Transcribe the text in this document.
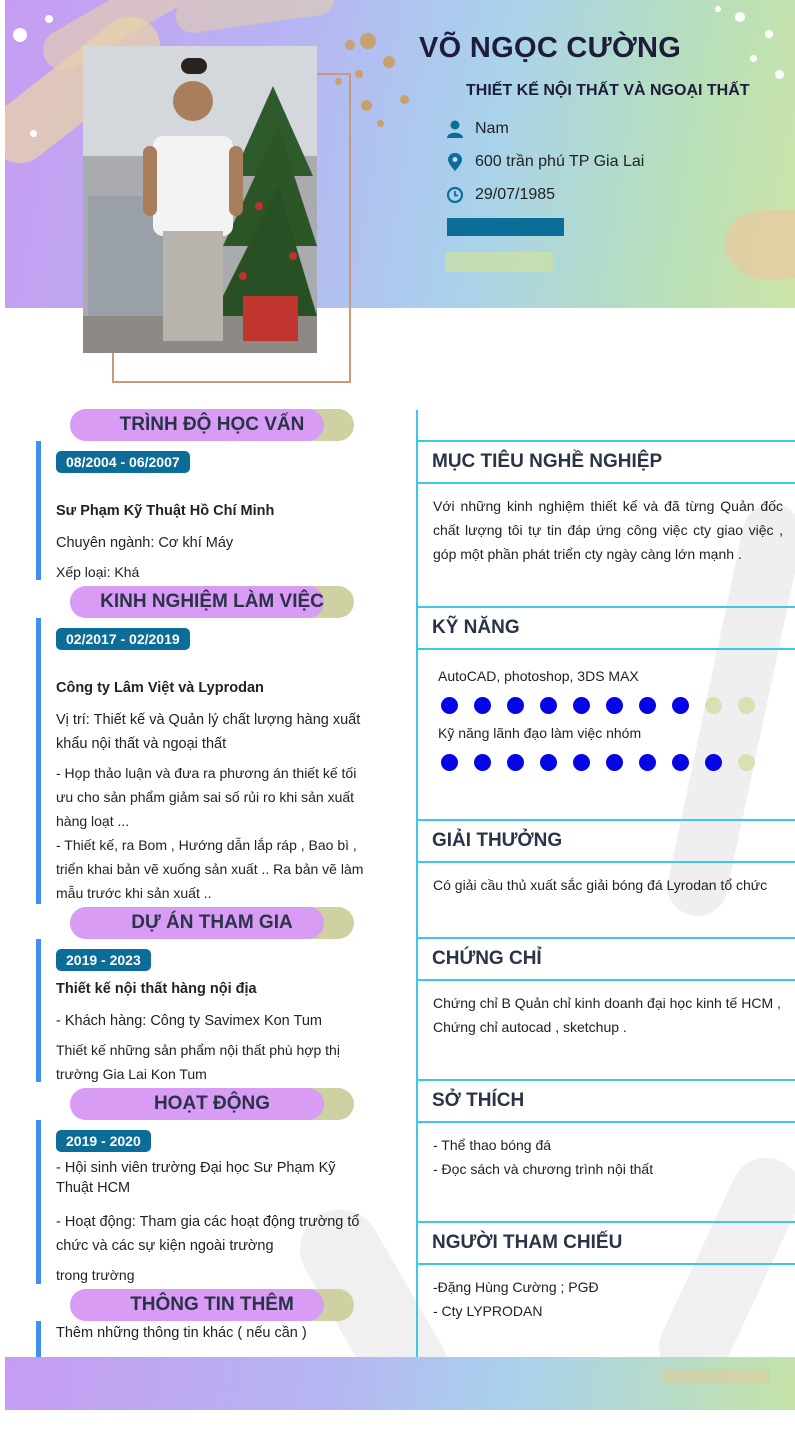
VÕ NGỌC CƯỜNG
THIẾT KẾ NỘI THẤT VÀ NGOẠI THẤT
Nam
600 trần phú TP Gia Lai
29/07/1985
TRÌNH ĐỘ HỌC VẤN
08/2004 - 06/2007
Sư Phạm Kỹ Thuật Hồ Chí Minh
Chuyên ngành: Cơ khí Máy
Xếp loại: Khá
KINH NGHIỆM LÀM VIỆC
02/2017 - 02/2019
Công ty Lâm Việt và Lyprodan
Vị trí: Thiết kế và Quản lý chất lượng hàng xuất khẩu nội thất và ngoại thất
- Họp thảo luận và đưa ra phương án thiết kế tối ưu cho sản phẩm giảm sai số rủi ro khi sản xuất hàng loạt ...
- Thiết kế, ra Bom , Hướng dẫn lắp ráp , Bao bì , triển khai bản vẽ xuống sản xuất .. Ra bản vẽ làm mẫu trước khi sản xuất ..
DỰ ÁN THAM GIA
2019 - 2023
Thiết kế nội thất hàng nội địa
- Khách hàng: Công ty Savimex Kon Tum
Thiết kế những sản phẩm nội thất phù hợp thị trường Gia Lai Kon Tum
HOẠT ĐỘNG
2019 - 2020
- Hội sinh viên trường Đại học Sư Phạm Kỹ Thuật HCM
- Hoạt động: Tham gia các hoạt động trường tổ chức và các sự kiện ngoài trường
trong trường
THÔNG TIN THÊM
Thêm những thông tin khác ( nếu cần )
MỤC TIÊU NGHỀ NGHIỆP
Với những kinh nghiệm thiết kế và đã từng Quản đốc chất lượng tôi tự tin đáp ứng công việc cty giao việc , góp một phần phát triển cty ngày càng lớn mạnh .
KỸ NĂNG
AutoCAD, photoshop, 3DS MAX
Kỹ năng lãnh đạo làm việc nhóm
GIẢI THƯỞNG
Có giải cầu thủ xuất sắc giải bóng đá Lyrodan tổ chức
CHỨNG CHỈ
Chứng chỉ B Quản chỉ kinh doanh đại học kinh tế HCM , Chứng chỉ autocad , sketchup .
SỞ THÍCH
- Thể thao bóng đá
- Đọc sách và chương trình nội thất
NGƯỜI THAM CHIẾU
-Đặng Hùng Cường ; PGĐ
- Cty LYPRODAN
